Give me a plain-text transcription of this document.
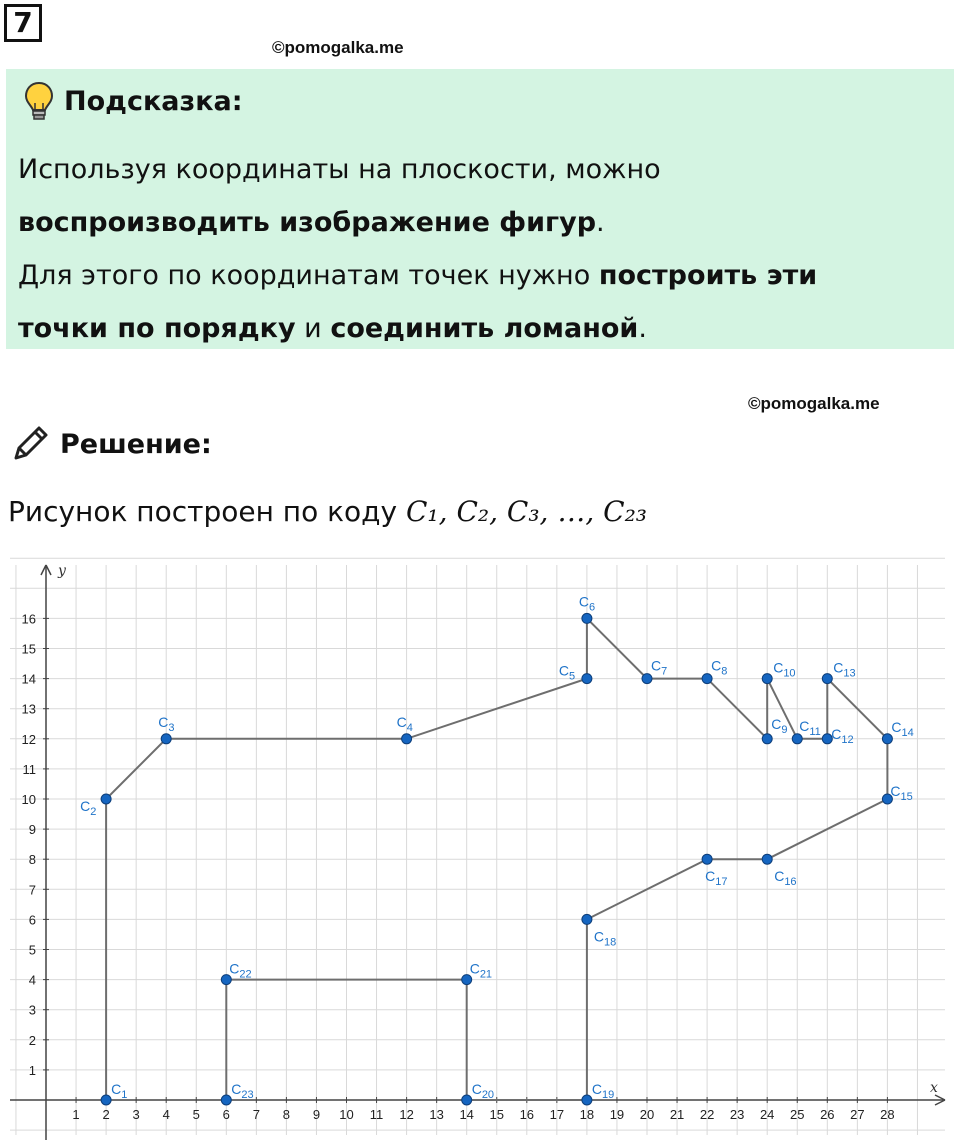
7
©pomogalka.me
Подсказка:

Используя координаты на плоскости, можно

воспроизводить изображение фигур.

Для этого по координатам точек нужно построить эти

точки по порядку и соединить ломаной.

©pomogalka.me
Решение:
Рисунок построен по коду C₁, C₂, C₃, …, C₂₃
x
y
1 2 3 4 5 6 7 8 9 10 11 12 13 14 15 16 17 18 19 20 21 22 23 24 25 26 27 28
1
2
3
4
5
6
7
8
9
10
11
12
13
14
15
16
$C_1$
$C_2$
$C_3$	$C_4$
$C_5$
$C_6$
$C_7$	$C_8$
$C_9$
$C_{10}$
$C_{11}$ $C_{12}$
$C_{13}$
$C_{14}$
$C_{15}$
$C_{16}$
$C_{17}$
$C_{18}$
$C_{19}$
$C_{20}$
$C_{21}$
$C_{22}$
$C_{23}$
